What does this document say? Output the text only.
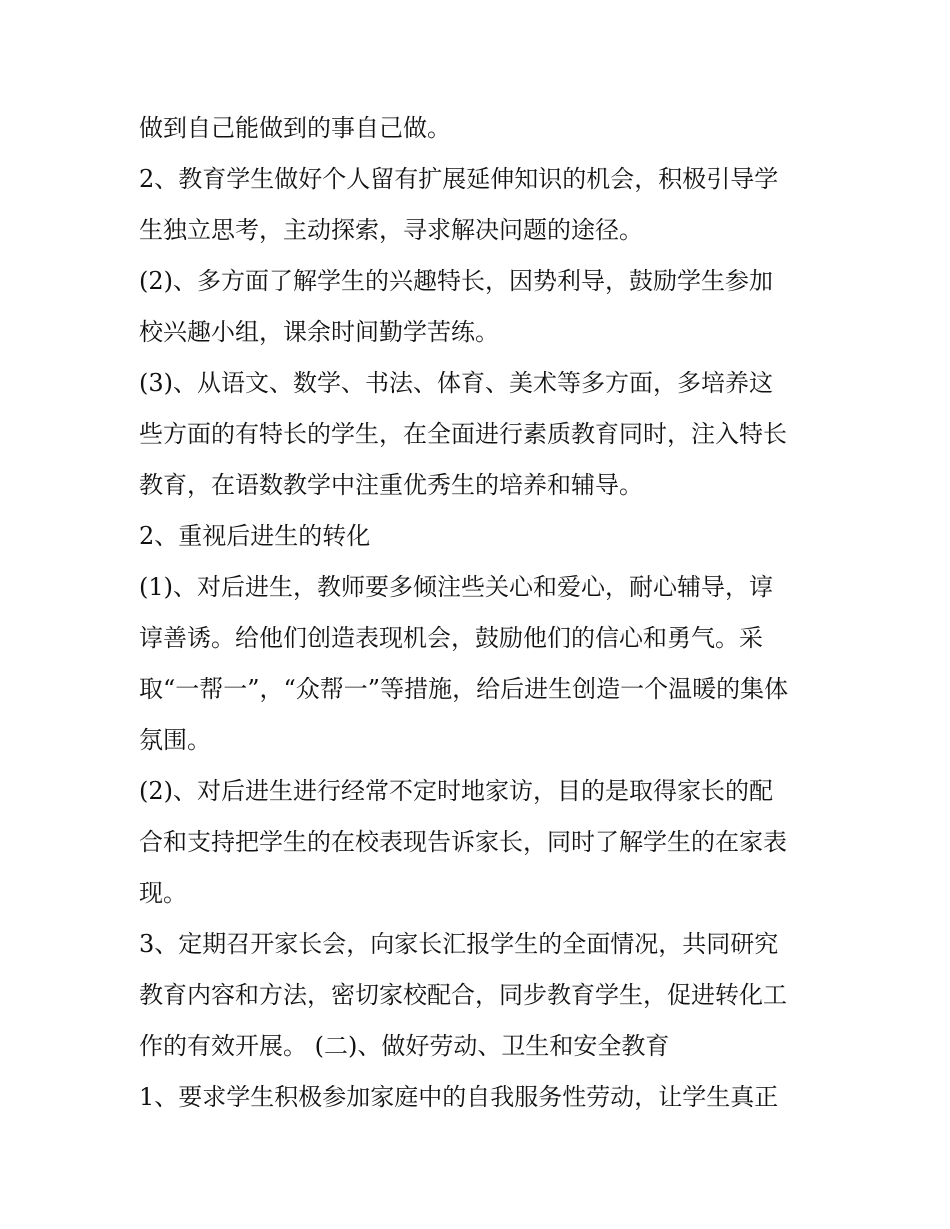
做到自己能做到的事自己做。
2、教育学生做好个人留有扩展延伸知识的机会，积极引导学
生独立思考，主动探索，寻求解决问题的途径。
(2)、多方面了解学生的兴趣特长，因势利导，鼓励学生参加
校兴趣小组，课余时间勤学苦练。
(3)、从语文、数学、书法、体育、美术等多方面，多培养这
些方面的有特长的学生，在全面进行素质教育同时，注入特长
教育，在语数教学中注重优秀生的培养和辅导。
2、重视后进生的转化
(1)、对后进生，教师要多倾注些关心和爱心，耐心辅导，谆
谆善诱。给他们创造表现机会，鼓励他们的信心和勇气。采
取“一帮一”，“众帮一”等措施，给后进生创造一个温暖的集体
氛围。
(2)、对后进生进行经常不定时地家访，目的是取得家长的配
合和支持把学生的在校表现告诉家长，同时了解学生的在家表
现。
3、定期召开家长会，向家长汇报学生的全面情况，共同研究
教育内容和方法，密切家校配合，同步教育学生，促进转化工
作的有效开展。 (二)、做好劳动、卫生和安全教育
1、要求学生积极参加家庭中的自我服务性劳动，让学生真正
